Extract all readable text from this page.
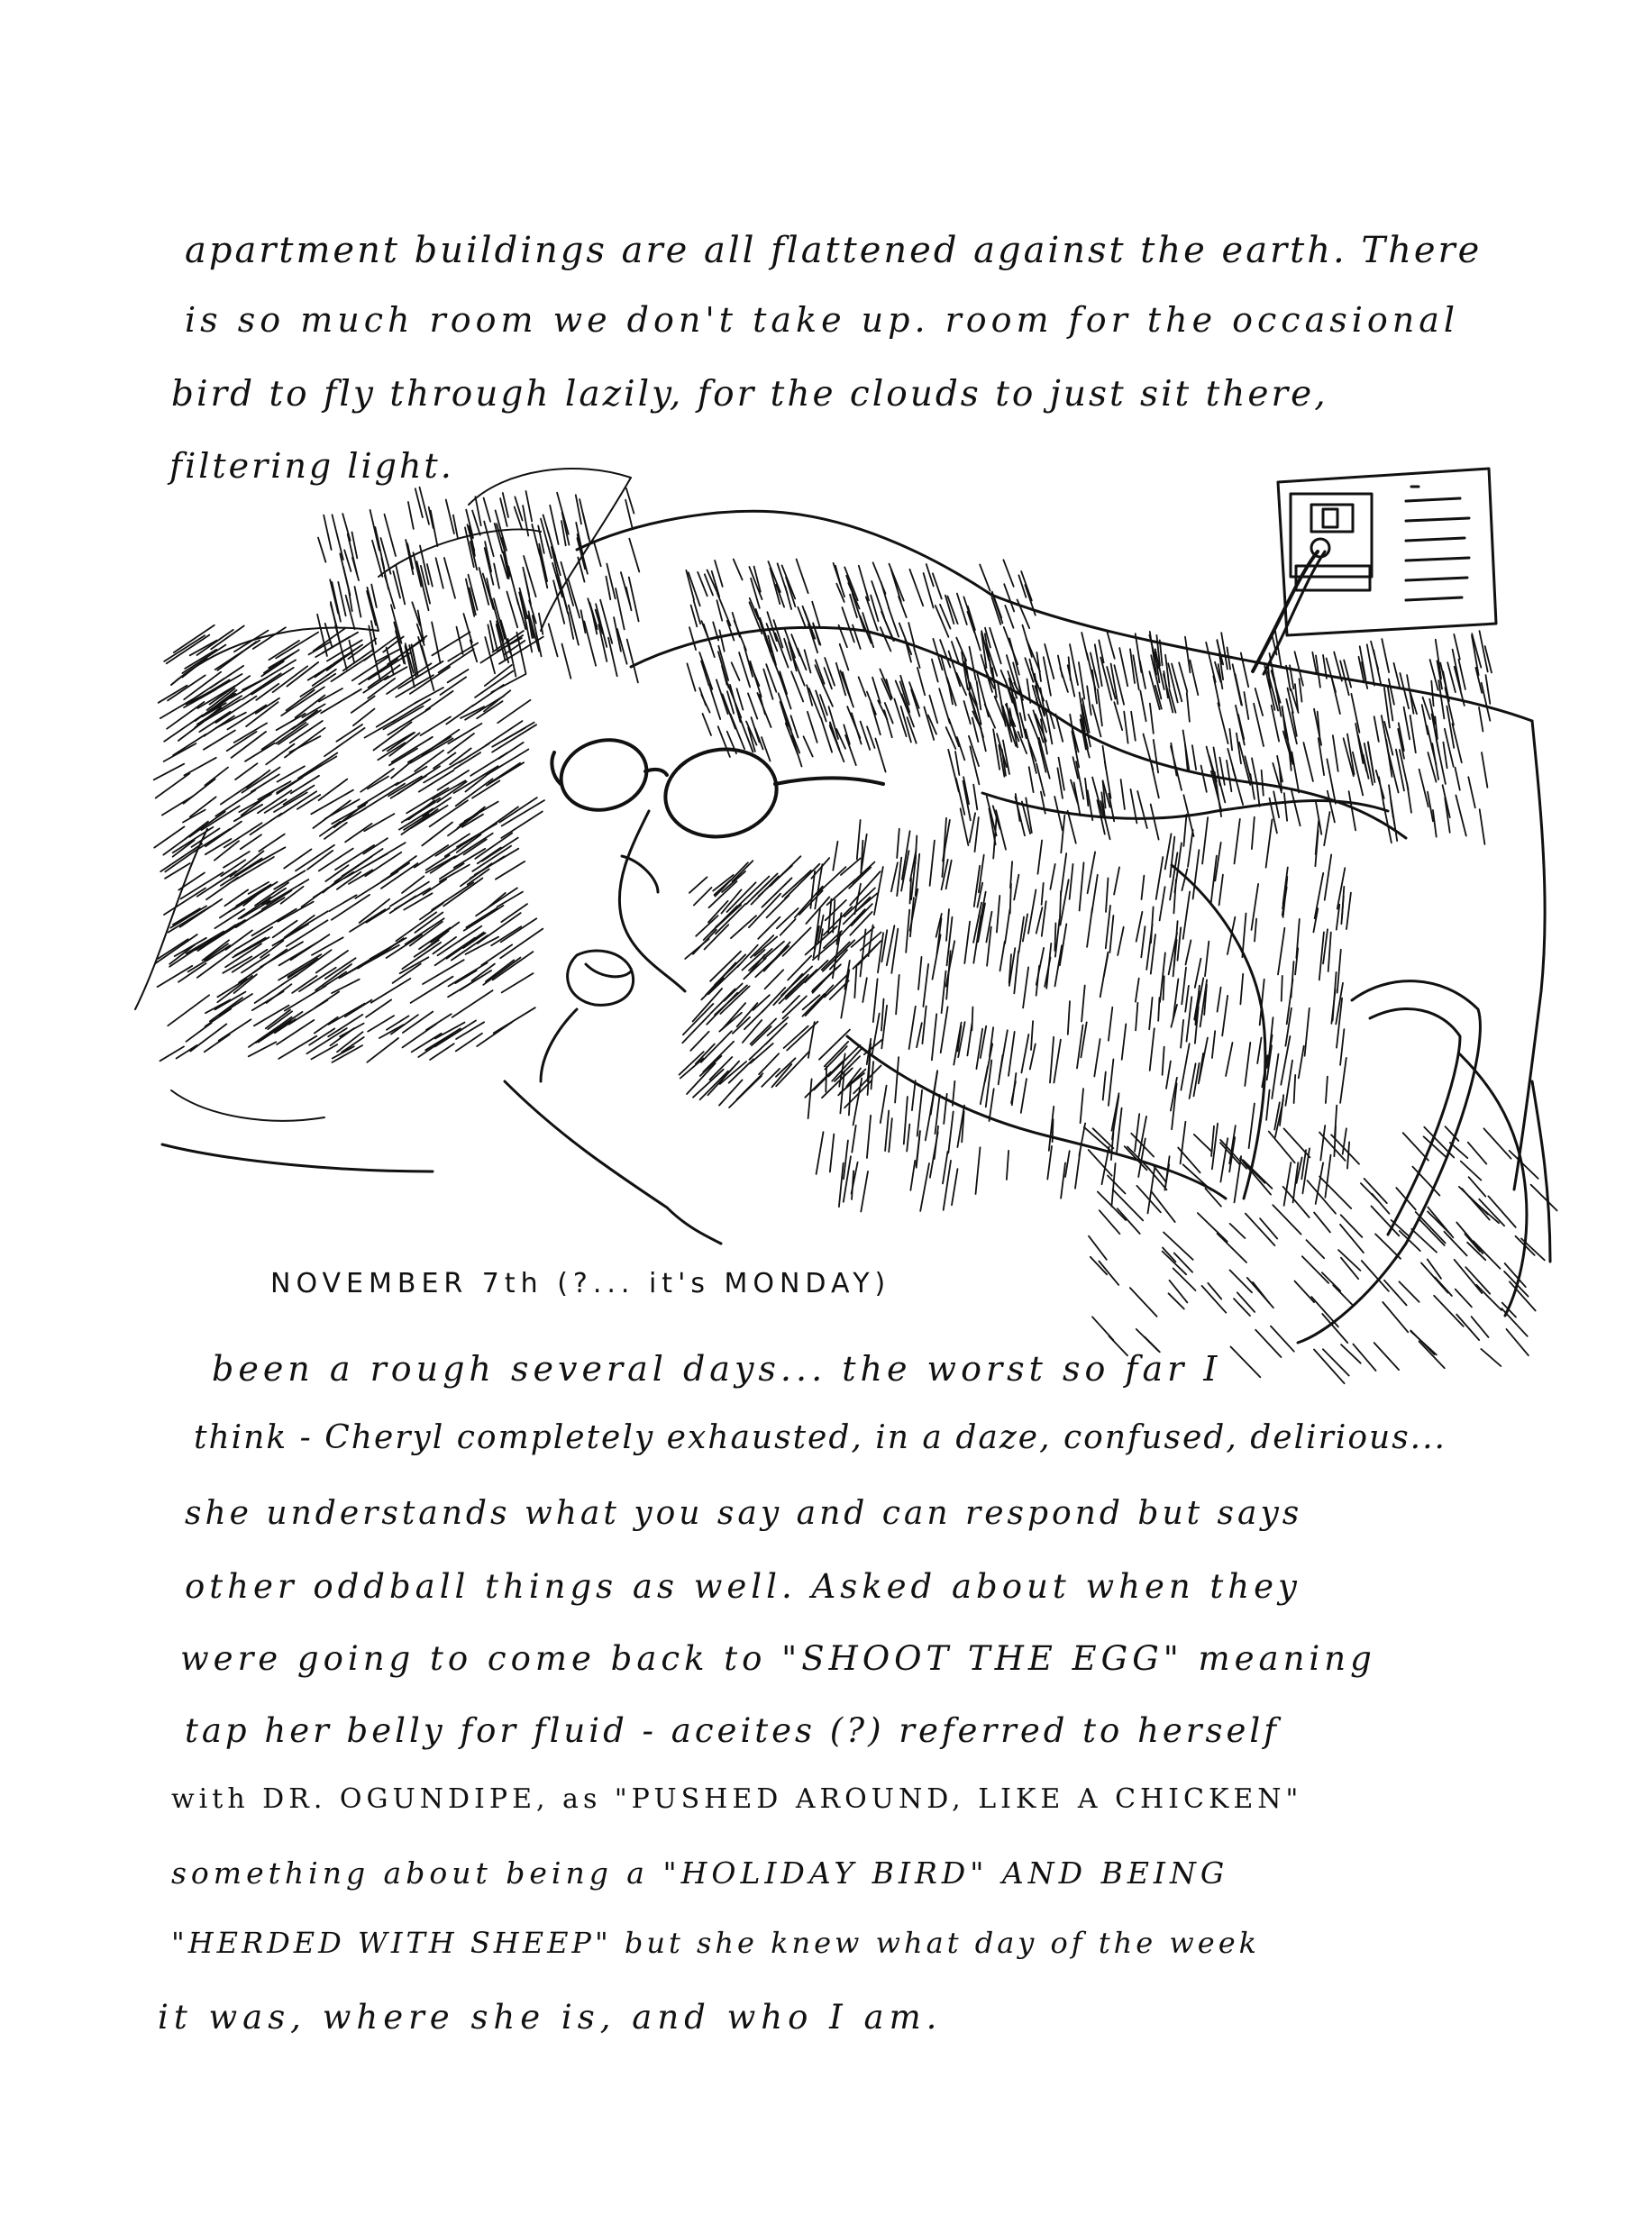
apartment buildings are all flattened against the earth. There
is so much room we don't take up. room for the occasional
bird to fly through lazily, for the clouds to just sit there,
filtering light.
NOVEMBER 7th (?... it's MONDAY)
been a rough several days... the worst so far I
think - Cheryl completely exhausted, in a daze, confused, delirious...
she understands what you say and can respond but says
other oddball things as well. Asked about when they
were going to come back to "SHOOT THE EGG" meaning
tap her belly for fluid - aceites (?) referred to herself
with DR. OGUNDIPE, as "PUSHED AROUND, LIKE A CHICKEN"
something about being a "HOLIDAY BIRD" AND BEING
"HERDED WITH SHEEP" but she knew what day of the week
it was, where she is, and who I am.
